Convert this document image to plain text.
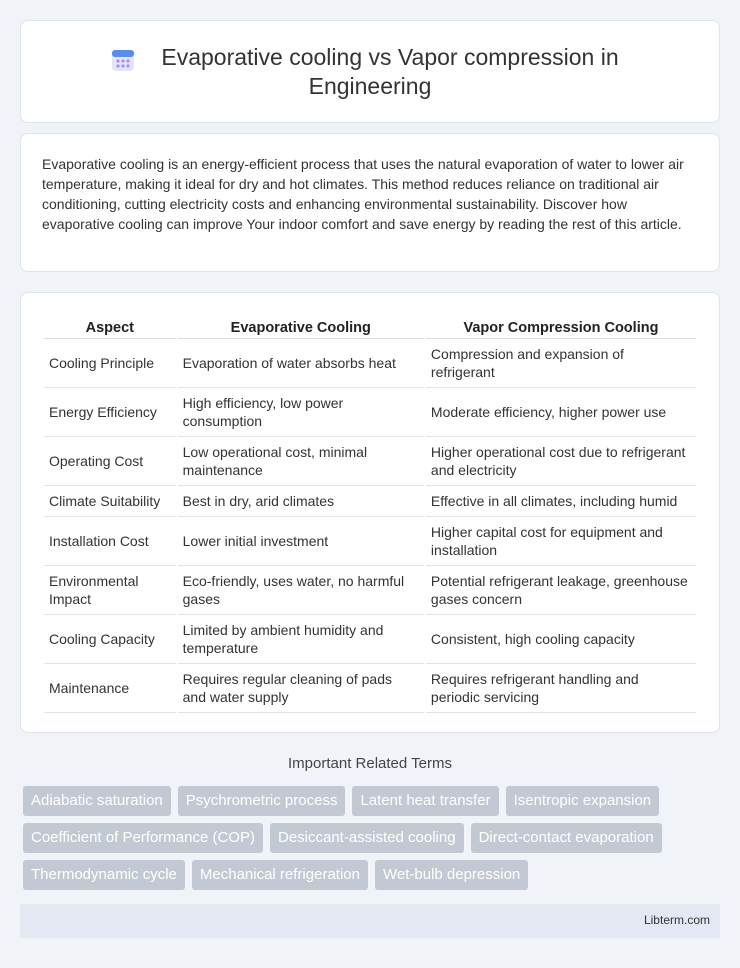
Evaporative cooling vs Vapor compression in
Engineering

Evaporative cooling is an energy-efficient process that uses the natural evaporation of water to lower air temperature, making it ideal for dry and hot climates. This method reduces reliance on traditional air conditioning, cutting electricity costs and enhancing environmental sustainability. Discover how evaporative cooling can improve Your indoor comfort and save energy by reading the rest of this article.

Aspect	Evaporative Cooling	Vapor Compression Cooling
Cooling Principle	Evaporation of water absorbs heat	Compression and expansion of refrigerant
Energy Efficiency	High efficiency, low power consumption	Moderate efficiency, higher power use
Operating Cost	Low operational cost, minimal maintenance	Higher operational cost due to refrigerant and electricity
Climate Suitability	Best in dry, arid climates	Effective in all climates, including humid
Installation Cost	Lower initial investment	Higher capital cost for equipment and installation
Environmental Impact	Eco-friendly, uses water, no harmful gases	Potential refrigerant leakage, greenhouse gases concern
Cooling Capacity	Limited by ambient humidity and temperature	Consistent, high cooling capacity
Maintenance	Requires regular cleaning of pads and water supply	Requires refrigerant handling and periodic servicing
Important Related Terms
Adiabatic saturation	Psychrometric process	Latent heat transfer	Isentropic expansion
Coefficient of Performance (COP)	Desiccant-assisted cooling	Direct-contact evaporation
Thermodynamic cycle	Mechanical refrigeration	Wet-bulb depression
Libterm.com
